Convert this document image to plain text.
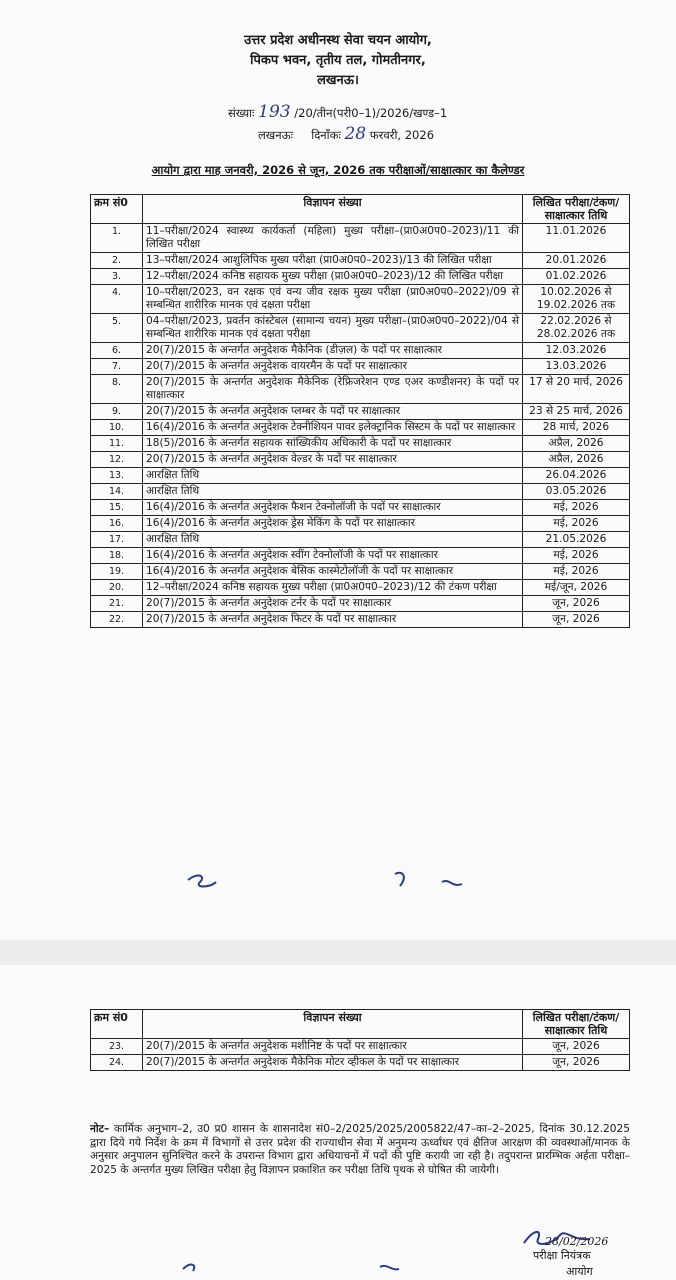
उत्तर प्रदेश अधीनस्थ सेवा चयन आयोग,
पिकप भवन, तृतीय तल, गोमतीनगर,
लखनऊ।
संख्याः 193 /20/तीन(परी0–1)/2026/खण्ड–1
लखनऊः दिनाँकः 28 फरवरी, 2026
आयोग द्वारा माह जनवरी, 2026 से जून, 2026 तक परीक्षाओं/साक्षात्कार का कैलेण्डर
क्रम सं0	विज्ञापन संख्या	लिखित परीक्षा/टंकण/साक्षात्कार तिथि
1.	11–परीक्षा/2024 स्वास्थ्य कार्यकर्ता (महिला) मुख्य परीक्षा–(प्रा0अ0प0–2023)/11 की लिखित परीक्षा	11.01.2026
2.	13–परीक्षा/2024 आशुलिपिक मुख्य परीक्षा (प्रा0अ0प0–2023)/13 की लिखित परीक्षा	20.01.2026
3.	12–परीक्षा/2024 कनिष्ठ सहायक मुख्य परीक्षा (प्रा0अ0प0–2023)/12 की लिखित परीक्षा	01.02.2026
4.	10–परीक्षा/2023, वन रक्षक एवं वन्य जीव रक्षक मुख्य परीक्षा (प्रा0अ0प0–2022)/09 से सम्बन्धित शारीरिक मानक एवं दक्षता परीक्षा	10.02.2026 से 19.02.2026 तक
5.	04–परीक्षा/2023, प्रवर्तन कांस्टेबल (सामान्य चयन) मुख्य परीक्षा–(प्रा0अ0प0–2022)/04 से सम्बन्धित शारीरिक मानक एवं दक्षता परीक्षा	22.02.2026 से 28.02.2026 तक
6.	20(7)/2015 के अन्तर्गत अनुदेशक मैकेनिक (डीज़ल) के पदों पर साक्षात्कार	12.03.2026
7.	20(7)/2015 के अन्तर्गत अनुदेशक वायरमैन के पदों पर साक्षात्कार	13.03.2026
8.	20(7)/2015 के अन्तर्गत अनुदेशक मैकेनिक (रेफ्रिजरेशन एण्ड एअर कण्डीशनर) के पदों पर साक्षात्कार	17 से 20 मार्च, 2026
9.	20(7)/2015 के अन्तर्गत अनुदेशक प्लम्बर के पदों पर साक्षात्कार	23 से 25 मार्च, 2026
10.	16(4)/2016 के अन्तर्गत अनुदेशक टेक्नीशियन पावर इलेक्ट्रानिक सिस्टम के पदों पर साक्षात्कार	28 मार्च, 2026
11.	18(5)/2016 के अन्तर्गत सहायक सांख्यिकीय अधिकारी के पदों पर साक्षात्कार	अप्रैल, 2026
12.	20(7)/2015 के अन्तर्गत अनुदेशक वेल्डर के पदों पर साक्षात्कार	अप्रैल, 2026
13.	आरक्षित तिथि	26.04.2026
14.	आरक्षित तिथि	03.05.2026
15.	16(4)/2016 के अन्तर्गत अनुदेशक फैशन टेक्नोलॉजी के पदों पर साक्षात्कार	मई, 2026
16.	16(4)/2016 के अन्तर्गत अनुदेशक ड्रेस मेकिंग के पदों पर साक्षात्कार	मई, 2026
17.	आरक्षित तिथि	21.05.2026
18.	16(4)/2016 के अन्तर्गत अनुदेशक स्वींग टेक्नोलॉजी के पदों पर साक्षात्कार	मई, 2026
19.	16(4)/2016 के अन्तर्गत अनुदेशक बेसिक कास्मेटोलॉजी के पदों पर साक्षात्कार	मई, 2026
20.	12–परीक्षा/2024 कनिष्ठ सहायक मुख्य परीक्षा (प्रा0अ0प0–2023)/12 की टंकण परीक्षा	मई/जून, 2026
21.	20(7)/2015 के अन्तर्गत अनुदेशक टर्नर के पदों पर साक्षात्कार	जून, 2026
22.	20(7)/2015 के अन्तर्गत अनुदेशक फिटर के पदों पर साक्षात्कार	जून, 2026
क्रम सं0	विज्ञापन संख्या	लिखित परीक्षा/टंकण/साक्षात्कार तिथि
23.	20(7)/2015 के अन्तर्गत अनुदेशक मशीनिष्ट के पदों पर साक्षात्कार	जून, 2026
24.	20(7)/2015 के अन्तर्गत अनुदेशक मैकेनिक मोटर व्हीकल के पदों पर साक्षात्कार	जून, 2026
नोट– कार्मिक अनुभाग–2, उ0 प्र0 शासन के शासनादेश सं0–2/2025/2025/2005822/47–का–2–2025, दिनांक 30.12.2025 द्वारा दिये गये निर्देश के क्रम में विभागों से उत्तर प्रदेश की राज्याधीन सेवा में अनुमन्य ऊर्ध्वाधर एवं क्षैतिज आरक्षण की व्यवस्थाओं/मानक के अनुसार अनुपालन सुनिश्चित करने के उपरान्त विभाग द्वारा अधियाचनों में पदों की पुष्टि करायी जा रही है। तदुपरान्त प्रारम्भिक अर्हता परीक्षा–2025 के अन्तर्गत मुख्य लिखित परीक्षा हेतु विज्ञापन प्रकाशित कर परीक्षा तिथि पृथक से घोषित की जायेगी।
28/02/2026
परीक्षा नियंत्रक
आयोग
